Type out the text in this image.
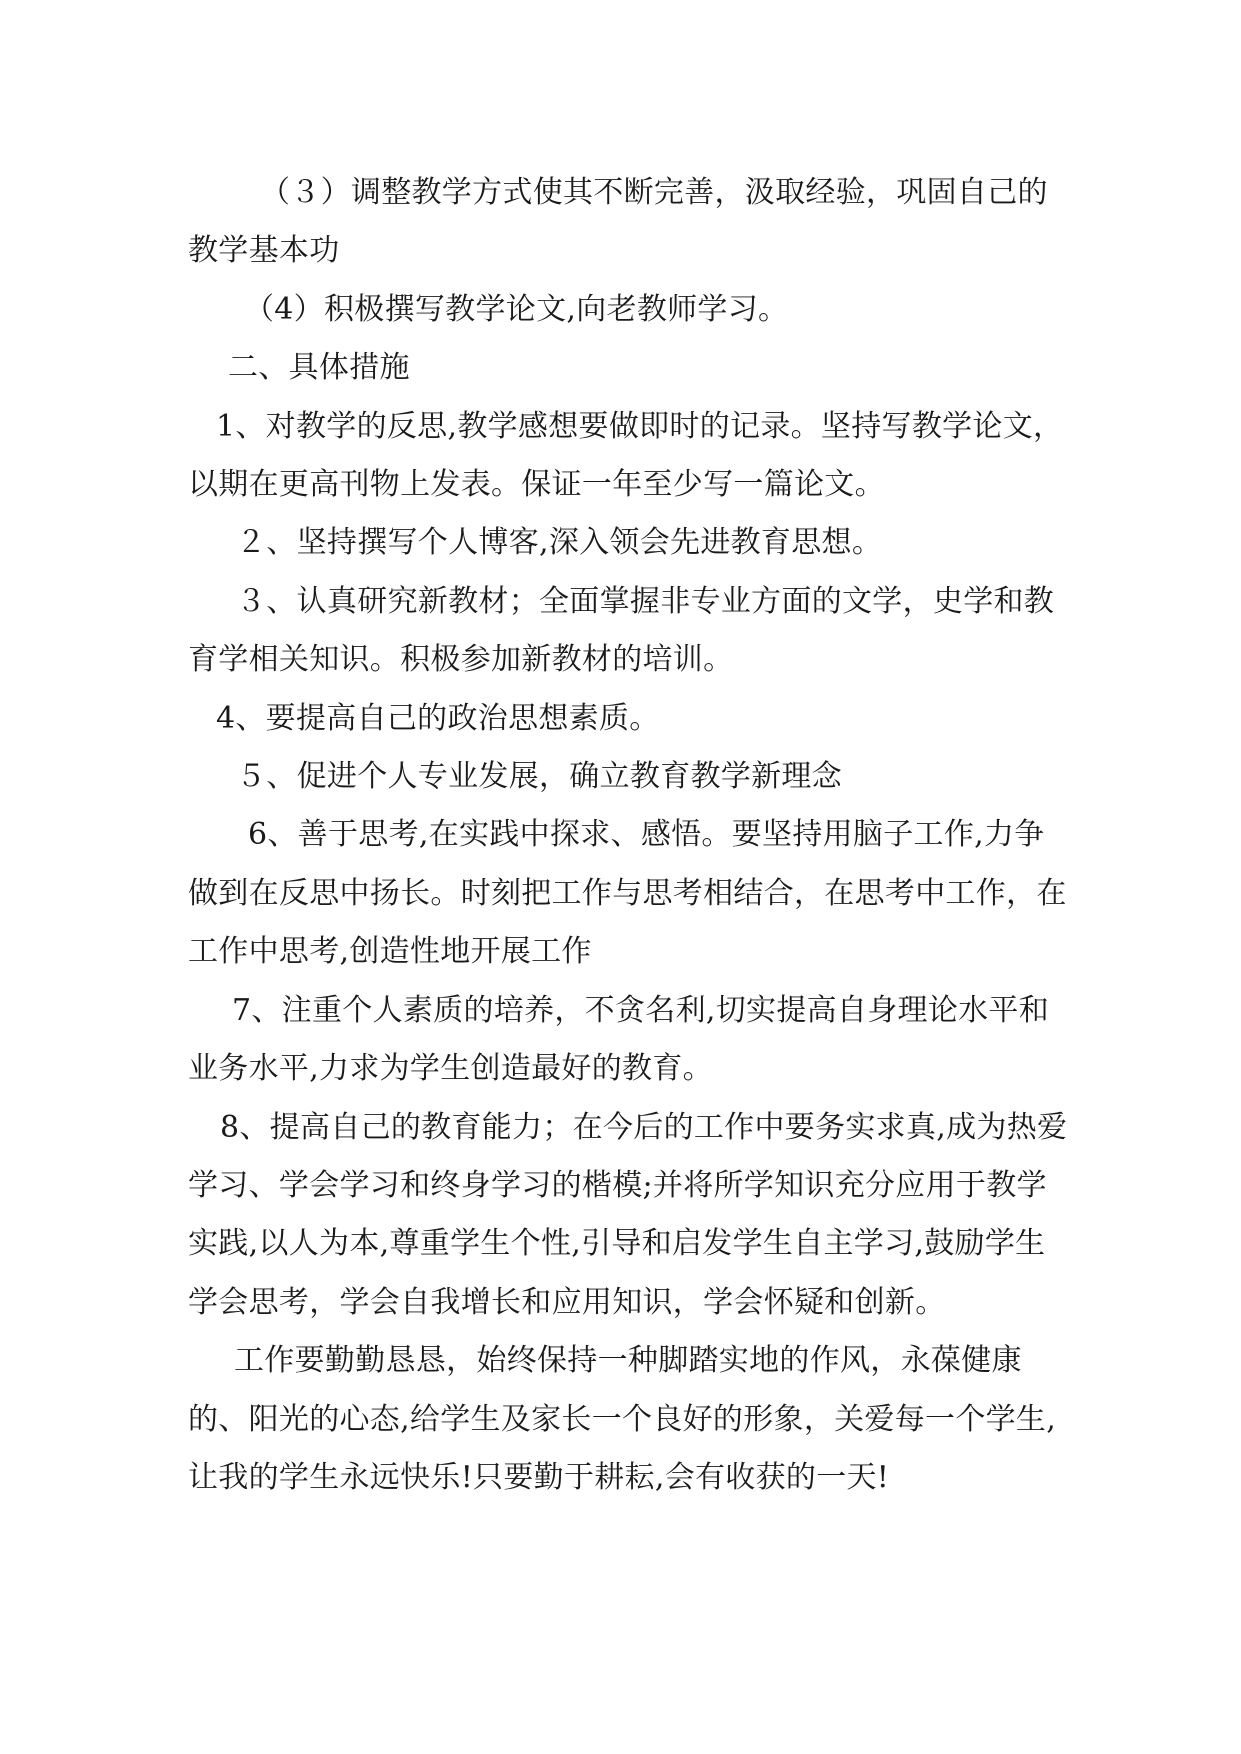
（３）调整教学方式使其不断完善，汲取经验，巩固自己的教学基本功

（4）积极撰写教学论文,向老教师学习。

二、具体措施

1、对教学的反思,教学感想要做即时的记录。坚持写教学论文，以期在更高刊物上发表。保证一年至少写一篇论文。

２、坚持撰写个人博客,深入领会先进教育思想。

３、认真研究新教材；全面掌握非专业方面的文学，史学和教育学相关知识。积极参加新教材的培训。

4、要提高自己的政治思想素质。

５、促进个人专业发展，确立教育教学新理念

6、善于思考,在实践中探求、感悟。要坚持用脑子工作,力争做到在反思中扬长。时刻把工作与思考相结合，在思考中工作，在工作中思考,创造性地开展工作

7、注重个人素质的培养，不贪名利,切实提高自身理论水平和业务水平,力求为学生创造最好的教育。

8、提高自己的教育能力；在今后的工作中要务实求真,成为热爱学习、学会学习和终身学习的楷模;并将所学知识充分应用于教学实践,以人为本,尊重学生个性,引导和启发学生自主学习,鼓励学生学会思考，学会自我增长和应用知识，学会怀疑和创新。

工作要勤勤恳恳，始终保持一种脚踏实地的作风，永葆健康的、阳光的心态,给学生及家长一个良好的形象，关爱每一个学生,让我的学生永远快乐!只要勤于耕耘,会有收获的一天!
